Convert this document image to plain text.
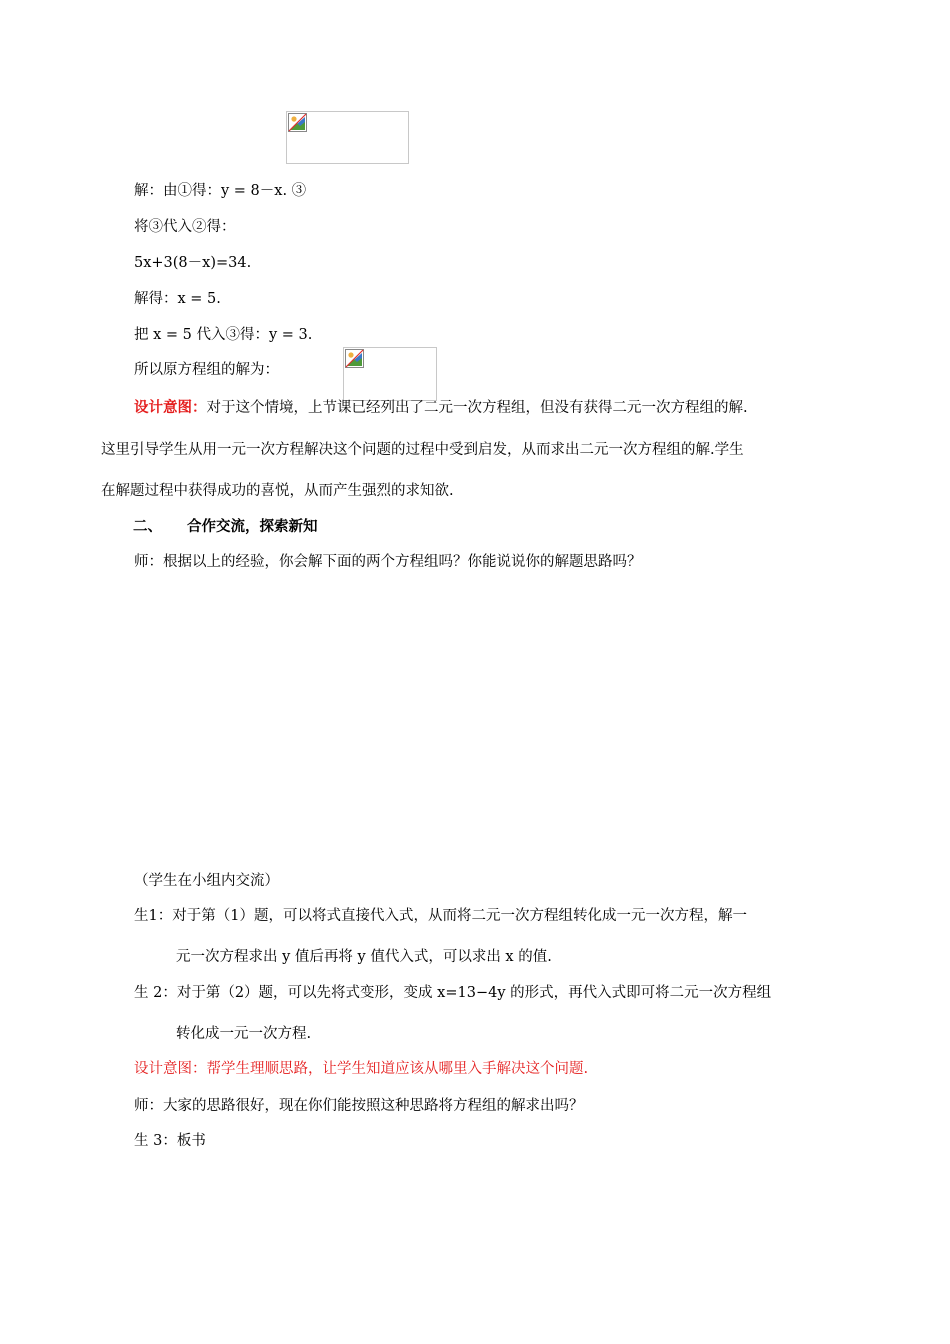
解：由①得：y = 8－x. ③
将③代入②得：
5x+3(8－x)=34.
解得：x = 5.
把 x = 5 代入③得：y = 3.
所以原方程组的解为：
设计意图：对于这个情境，上节课已经列出了二元一次方程组，但没有获得二元一次方程组的解.
这里引导学生从用一元一次方程解决这个问题的过程中受到启发，从而求出二元一次方程组的解.学生
在解题过程中获得成功的喜悦，从而产生强烈的求知欲.
二、 合作交流，探索新知
师：根据以上的经验，你会解下面的两个方程组吗？你能说说你的解题思路吗？
（学生在小组内交流）
生1：对于第（1）题，可以将式直接代入式，从而将二元一次方程组转化成一元一次方程，解一
元一次方程求出 y 值后再将 y 值代入式，可以求出 x 的值.
生 2：对于第（2）题，可以先将式变形，变成 x=13−4y 的形式，再代入式即可将二元一次方程组
转化成一元一次方程.
设计意图：帮学生理顺思路，让学生知道应该从哪里入手解决这个问题.
师：大家的思路很好，现在你们能按照这种思路将方程组的解求出吗？
生 3：板书
